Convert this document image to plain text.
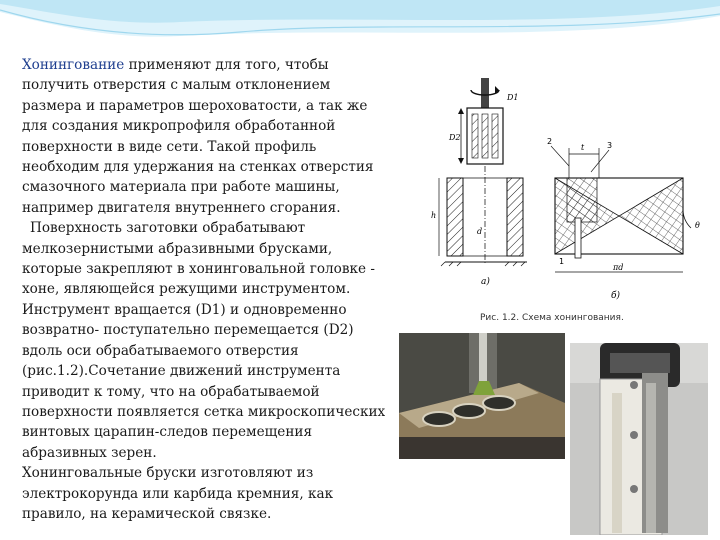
Хонингование применяют для того, чтобы
получить отверстия с малым отклонением
размера и параметров шероховатости, а так же
для создания микропрофиля обработанной
поверхности в виде сети. Такой профиль
необходим для удержания на стенках отверстия
смазочного материала при работе машины,
например двигателя внутреннего сгорания.
Поверхность заготовки обрабатывают
мелкозернистыми абразивными брусками,
которые закрепляют в хонинговальной головке -
хоне, являющейся режущими инструментом.
Инструмент вращается (D1) и одновременно
возвратно- поступательно перемещается (D2)
вдоль оси обрабатываемого отверстия
(рис.1.2).Сочетание движений инструмента
приводит к тому, что на обрабатываемой
поверхности появляется сетка микроскопических
винтовых царапин-следов перемещения
абразивных зерен.
Хонинговальные бруски изготовляют из
электрокорунда или карбида кремния, как
правило, на керамической связке.
D1
D2
h
d
а)
t
2	3
1
πd
θ
б)
Рис. 1.2. Схема хонингования.
